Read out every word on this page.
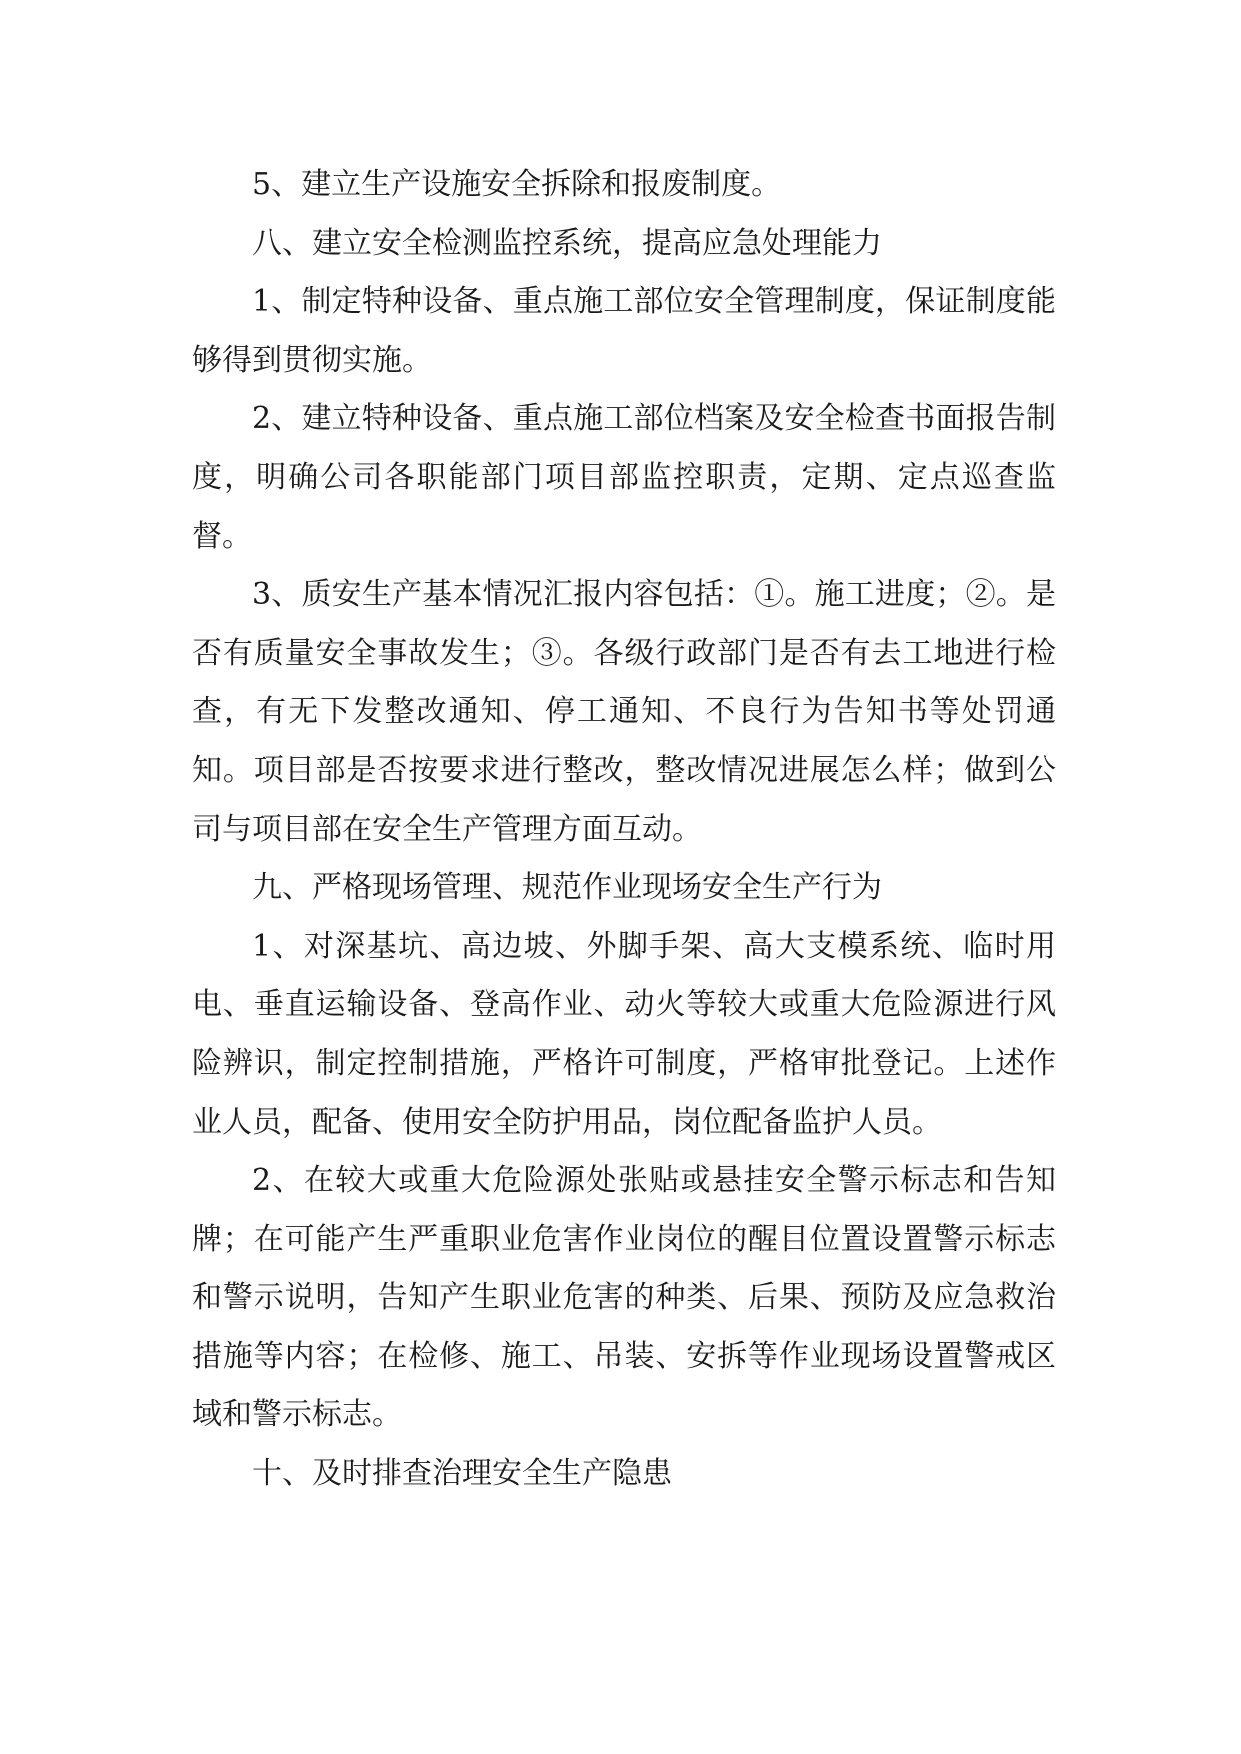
5、建立生产设施安全拆除和报废制度。

八、建立安全检测监控系统，提高应急处理能力

1、制定特种设备、重点施工部位安全管理制度，保证制度能够得到贯彻实施。

2、建立特种设备、重点施工部位档案及安全检查书面报告制度，明确公司各职能部门项目部监控职责，定期、定点巡查监督。

3、质安生产基本情况汇报内容包括：①。施工进度；②。是否有质量安全事故发生；③。各级行政部门是否有去工地进行检查，有无下发整改通知、停工通知、不良行为告知书等处罚通知。项目部是否按要求进行整改，整改情况进展怎么样；做到公司与项目部在安全生产管理方面互动。

九、严格现场管理、规范作业现场安全生产行为

1、对深基坑、高边坡、外脚手架、高大支模系统、临时用电、垂直运输设备、登高作业、动火等较大或重大危险源进行风险辨识，制定控制措施，严格许可制度，严格审批登记。上述作业人员，配备、使用安全防护用品，岗位配备监护人员。

2、在较大或重大危险源处张贴或悬挂安全警示标志和告知牌；在可能产生严重职业危害作业岗位的醒目位置设置警示标志和警示说明，告知产生职业危害的种类、后果、预防及应急救治措施等内容；在检修、施工、吊装、安拆等作业现场设置警戒区域和警示标志。

十、及时排查治理安全生产隐患
